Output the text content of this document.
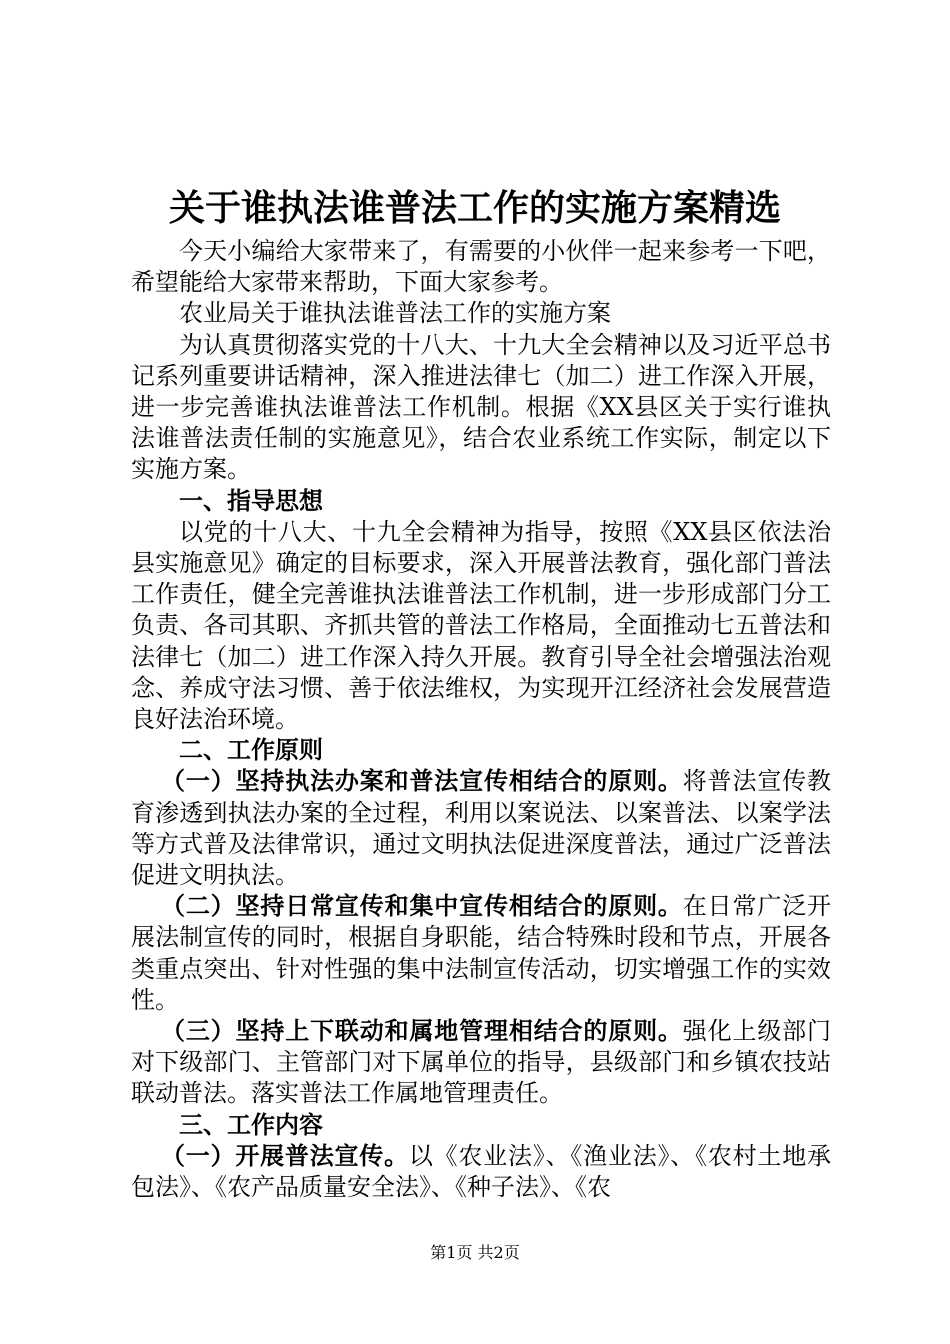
关于谁执法谁普法工作的实施方案精选

今天小编给大家带来了，有需要的小伙伴一起来参考一下吧，希望能给大家带来帮助，下面大家参考。

农业局关于谁执法谁普法工作的实施方案

为认真贯彻落实党的十八大、十九大全会精神以及习近平总书记系列重要讲话精神，深入推进法律七（加二）进工作深入开展，进一步完善谁执法谁普法工作机制。根据《XX县区关于实行谁执法谁普法责任制的实施意见》，结合农业系统工作实际，制定以下实施方案。

一、指导思想

以党的十八大、十九全会精神为指导，按照《XX县区依法治县实施意见》确定的目标要求，深入开展普法教育，强化部门普法工作责任，健全完善谁执法谁普法工作机制，进一步形成部门分工负责、各司其职、齐抓共管的普法工作格局，全面推动七五普法和法律七（加二）进工作深入持久开展。教育引导全社会增强法治观念、养成守法习惯、善于依法维权，为实现开江经济社会发展营造良好法治环境。

二、工作原则

（一）坚持执法办案和普法宣传相结合的原则。将普法宣传教育渗透到执法办案的全过程，利用以案说法、以案普法、以案学法等方式普及法律常识，通过文明执法促进深度普法，通过广泛普法促进文明执法。

（二）坚持日常宣传和集中宣传相结合的原则。在日常广泛开展法制宣传的同时，根据自身职能，结合特殊时段和节点，开展各类重点突出、针对性强的集中法制宣传活动，切实增强工作的实效性。

（三）坚持上下联动和属地管理相结合的原则。强化上级部门对下级部门、主管部门对下属单位的指导，县级部门和乡镇农技站联动普法。落实普法工作属地管理责任。

三、工作内容

（一）开展普法宣传。以《农业法》、《渔业法》、《农村土地承包法》、《农产品质量安全法》、《种子法》、《农

第1页 共2页
